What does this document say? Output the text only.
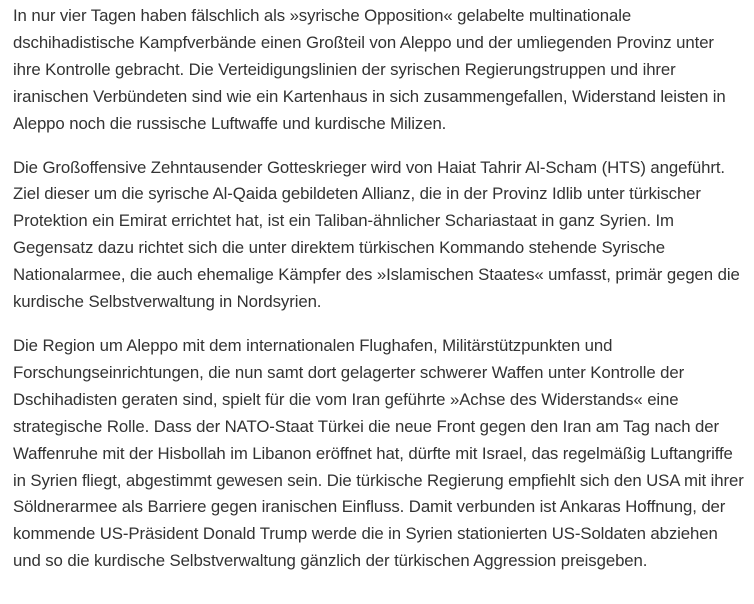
In nur vier Tagen haben fälschlich als »syrische Opposition« gelabelte multinationale dschihadistische Kampfverbände einen Großteil von Aleppo und der umliegenden Provinz unter ihre Kontrolle gebracht. Die Verteidigungslinien der syrischen Regierungstruppen und ihrer iranischen Verbündeten sind wie ein Kartenhaus in sich zusammengefallen, Widerstand leisten in Aleppo noch die russische Luftwaffe und kurdische Milizen.

Die Großoffensive Zehntausender Gotteskrieger wird von Haiat Tahrir Al-Scham (HTS) angeführt. Ziel dieser um die syrische Al-Qaida gebildeten Allianz, die in der Provinz Idlib unter türkischer Protektion ein Emirat errichtet hat, ist ein Taliban-ähnlicher Schariastaat in ganz Syrien. Im Gegensatz dazu richtet sich die unter direktem türkischen Kommando stehende Syrische Nationalarmee, die auch ehemalige Kämpfer des »Islamischen Staates« umfasst, primär gegen die kurdische Selbstverwaltung in Nordsyrien.

Die Region um Aleppo mit dem internationalen Flughafen, Militärstützpunkten und Forschungseinrichtungen, die nun samt dort gelagerter schwerer Waffen unter Kontrolle der Dschihadisten geraten sind, spielt für die vom Iran geführte »Achse des Widerstands« eine strategische Rolle. Dass der NATO-Staat Türkei die neue Front gegen den Iran am Tag nach der Waffenruhe mit der Hisbollah im Libanon eröffnet hat, dürfte mit Israel, das regelmäßig Luftangriffe in Syrien fliegt, abgestimmt gewesen sein. Die türkische Regierung empfiehlt sich den USA mit ihrer Söldnerarmee als Barriere gegen iranischen Einfluss. Damit verbunden ist Ankaras Hoffnung, der kommende US-Präsident Donald Trump werde die in Syrien stationierten US-Soldaten abziehen und so die kurdische Selbstverwaltung gänzlich der türkischen Aggression preisgeben.
